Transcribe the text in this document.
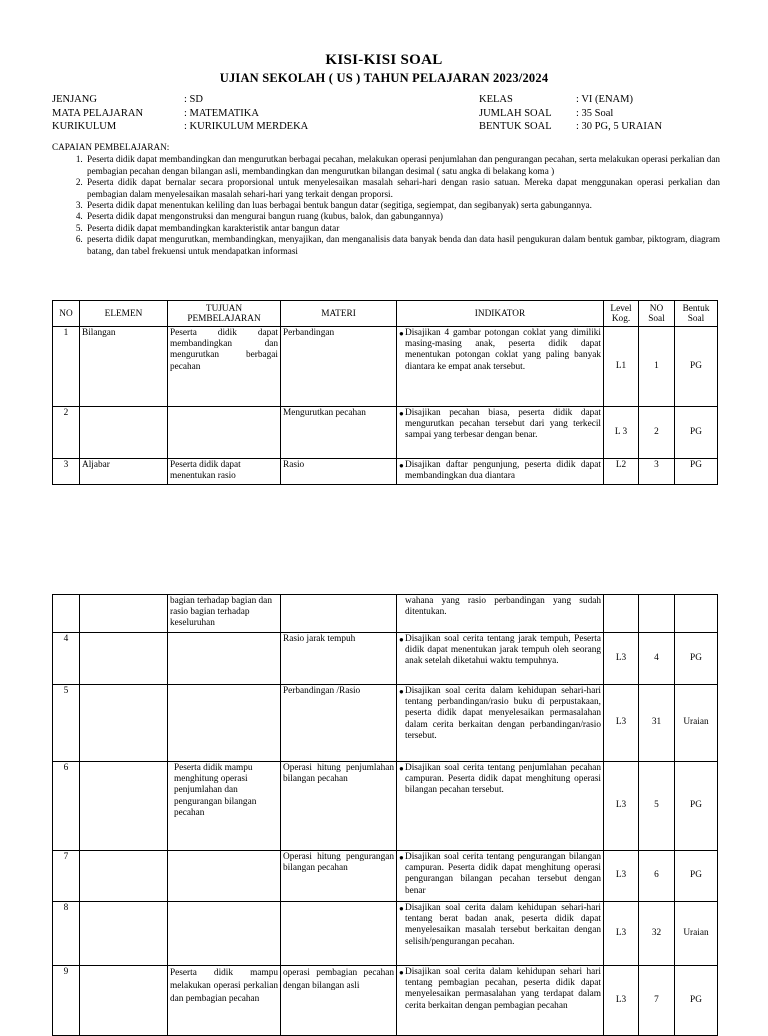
KISI-KISI SOAL
UJIAN SEKOLAH ( US ) TAHUN PELAJARAN 2023/2024
JENJANG	: SD
MATA PELAJARAN	: MATEMATIKA
KURIKULUM	: KURIKULUM MERDEKA
KELAS	: VI (ENAM)
JUMLAH SOAL : 35 Soal
BENTUK SOAL : 30 PG, 5 URAIAN
CAPAIAN PEMBELAJARAN:
1. Peserta didik dapat membandingkan dan mengurutkan berbagai pecahan, melakukan operasi penjumlahan dan pengurangan pecahan, serta melakukan operasi perkalian dan pembagian pecahan dengan bilangan asli, membandingkan dan mengurutkan bilangan desimal ( satu angka di belakang koma )
2. Peserta didik dapat bernalar secara proporsional untuk menyelesaikan masalah sehari-hari dengan rasio satuan. Mereka dapat menggunakan operasi perkalian dan pembagian dalam menyelesaikan masalah sehari-hari yang terkait dengan proporsi.
3. Peserta didik dapat menentukan keliling dan luas berbagai bentuk bangun datar (segitiga, segiempat, dan segibanyak) serta gabungannya.
4. Peserta didik dapat mengonstruksi dan mengurai bangun ruang (kubus, balok, dan gabungannya)
5. Peserta didik dapat membandingkan karakteristik antar bangun datar
6. peserta didik dapat mengurutkan, membandingkan, menyajikan, dan menganalisis data banyak benda dan data hasil pengukuran dalam bentuk gambar, piktogram, diagram batang, dan tabel frekuensi untuk mendapatkan informasi
NO	ELEMEN	TUJUAN PEMBELAJARAN	MATERI	INDIKATOR	Level Kog.	NO Soal	Bentuk Soal
1	Bilangan	Peserta didik dapat membandingkan dan mengurutkan berbagai pecahan	Perbandingan	● Disajikan 4 gambar potongan coklat yang dimiliki masing-masing anak, peserta didik dapat menentukan potongan coklat yang paling banyak diantara ke empat anak tersebut.	L1	1	PG
2			Mengurutkan pecahan	● Disajikan pecahan biasa, peserta didik dapat mengurutkan pecahan tersebut dari yang terkecil sampai yang terbesar dengan benar.	L 3	2	PG
3	Aljabar	Peserta didik dapat menentukan rasio	Rasio	● Disajikan daftar pengunjung, peserta didik dapat membandingkan dua diantara	L2	3	PG
		bagian terhadap bagian dan rasio bagian terhadap keseluruhan		wahana yang rasio perbandingan yang sudah ditentukan.			

4			Rasio jarak tempuh	● Disajikan soal cerita tentang jarak tempuh, Peserta didik dapat menentukan jarak tempuh oleh seorang anak setelah diketahui waktu tempuhnya.	L3	4	PG
5			Perbandingan /Rasio	● Disajikan soal cerita dalam kehidupan sehari-hari tentang perbandingan/rasio buku di perpustakaan, peserta didik dapat menyelesaikan permasalahan dalam cerita berkaitan dengan perbandingan/rasio tersebut.	L3	31	Uraian
6		Peserta didik mampu menghitung operasi penjumlahan dan pengurangan bilangan pecahan	Operasi hitung penjumlahan bilangan pecahan	● Disajikan soal cerita tentang penjumlahan pecahan campuran. Peserta didik dapat menghitung operasi bilangan pecahan tersebut.	L3	5	PG
7			Operasi hitung pengurangan bilangan pecahan	● Disajikan soal cerita tentang pengurangan bilangan campuran. Peserta didik dapat menghitung operasi pengurangan bilangan pecahan tersebut dengan benar	L3	6	PG
8				● Disajikan soal cerita dalam kehidupan sehari-hari tentang berat badan anak, peserta didik dapat menyelesaikan masalah tersebut berkaitan dengan selisih/pengurangan pecahan.	L3	32	Uraian
9		Peserta didik mampu melakukan operasi perkalian dan pembagian pecahan	operasi pembagian pecahan dengan bilangan asli	● Disajikan soal cerita dalam kehidupan sehari hari tentang pembagian pecahan, peserta didik dapat menyelesaikan permasalahan yang terdapat dalam cerita berkaitan dengan pembagian pecahan	L3	7	PG
